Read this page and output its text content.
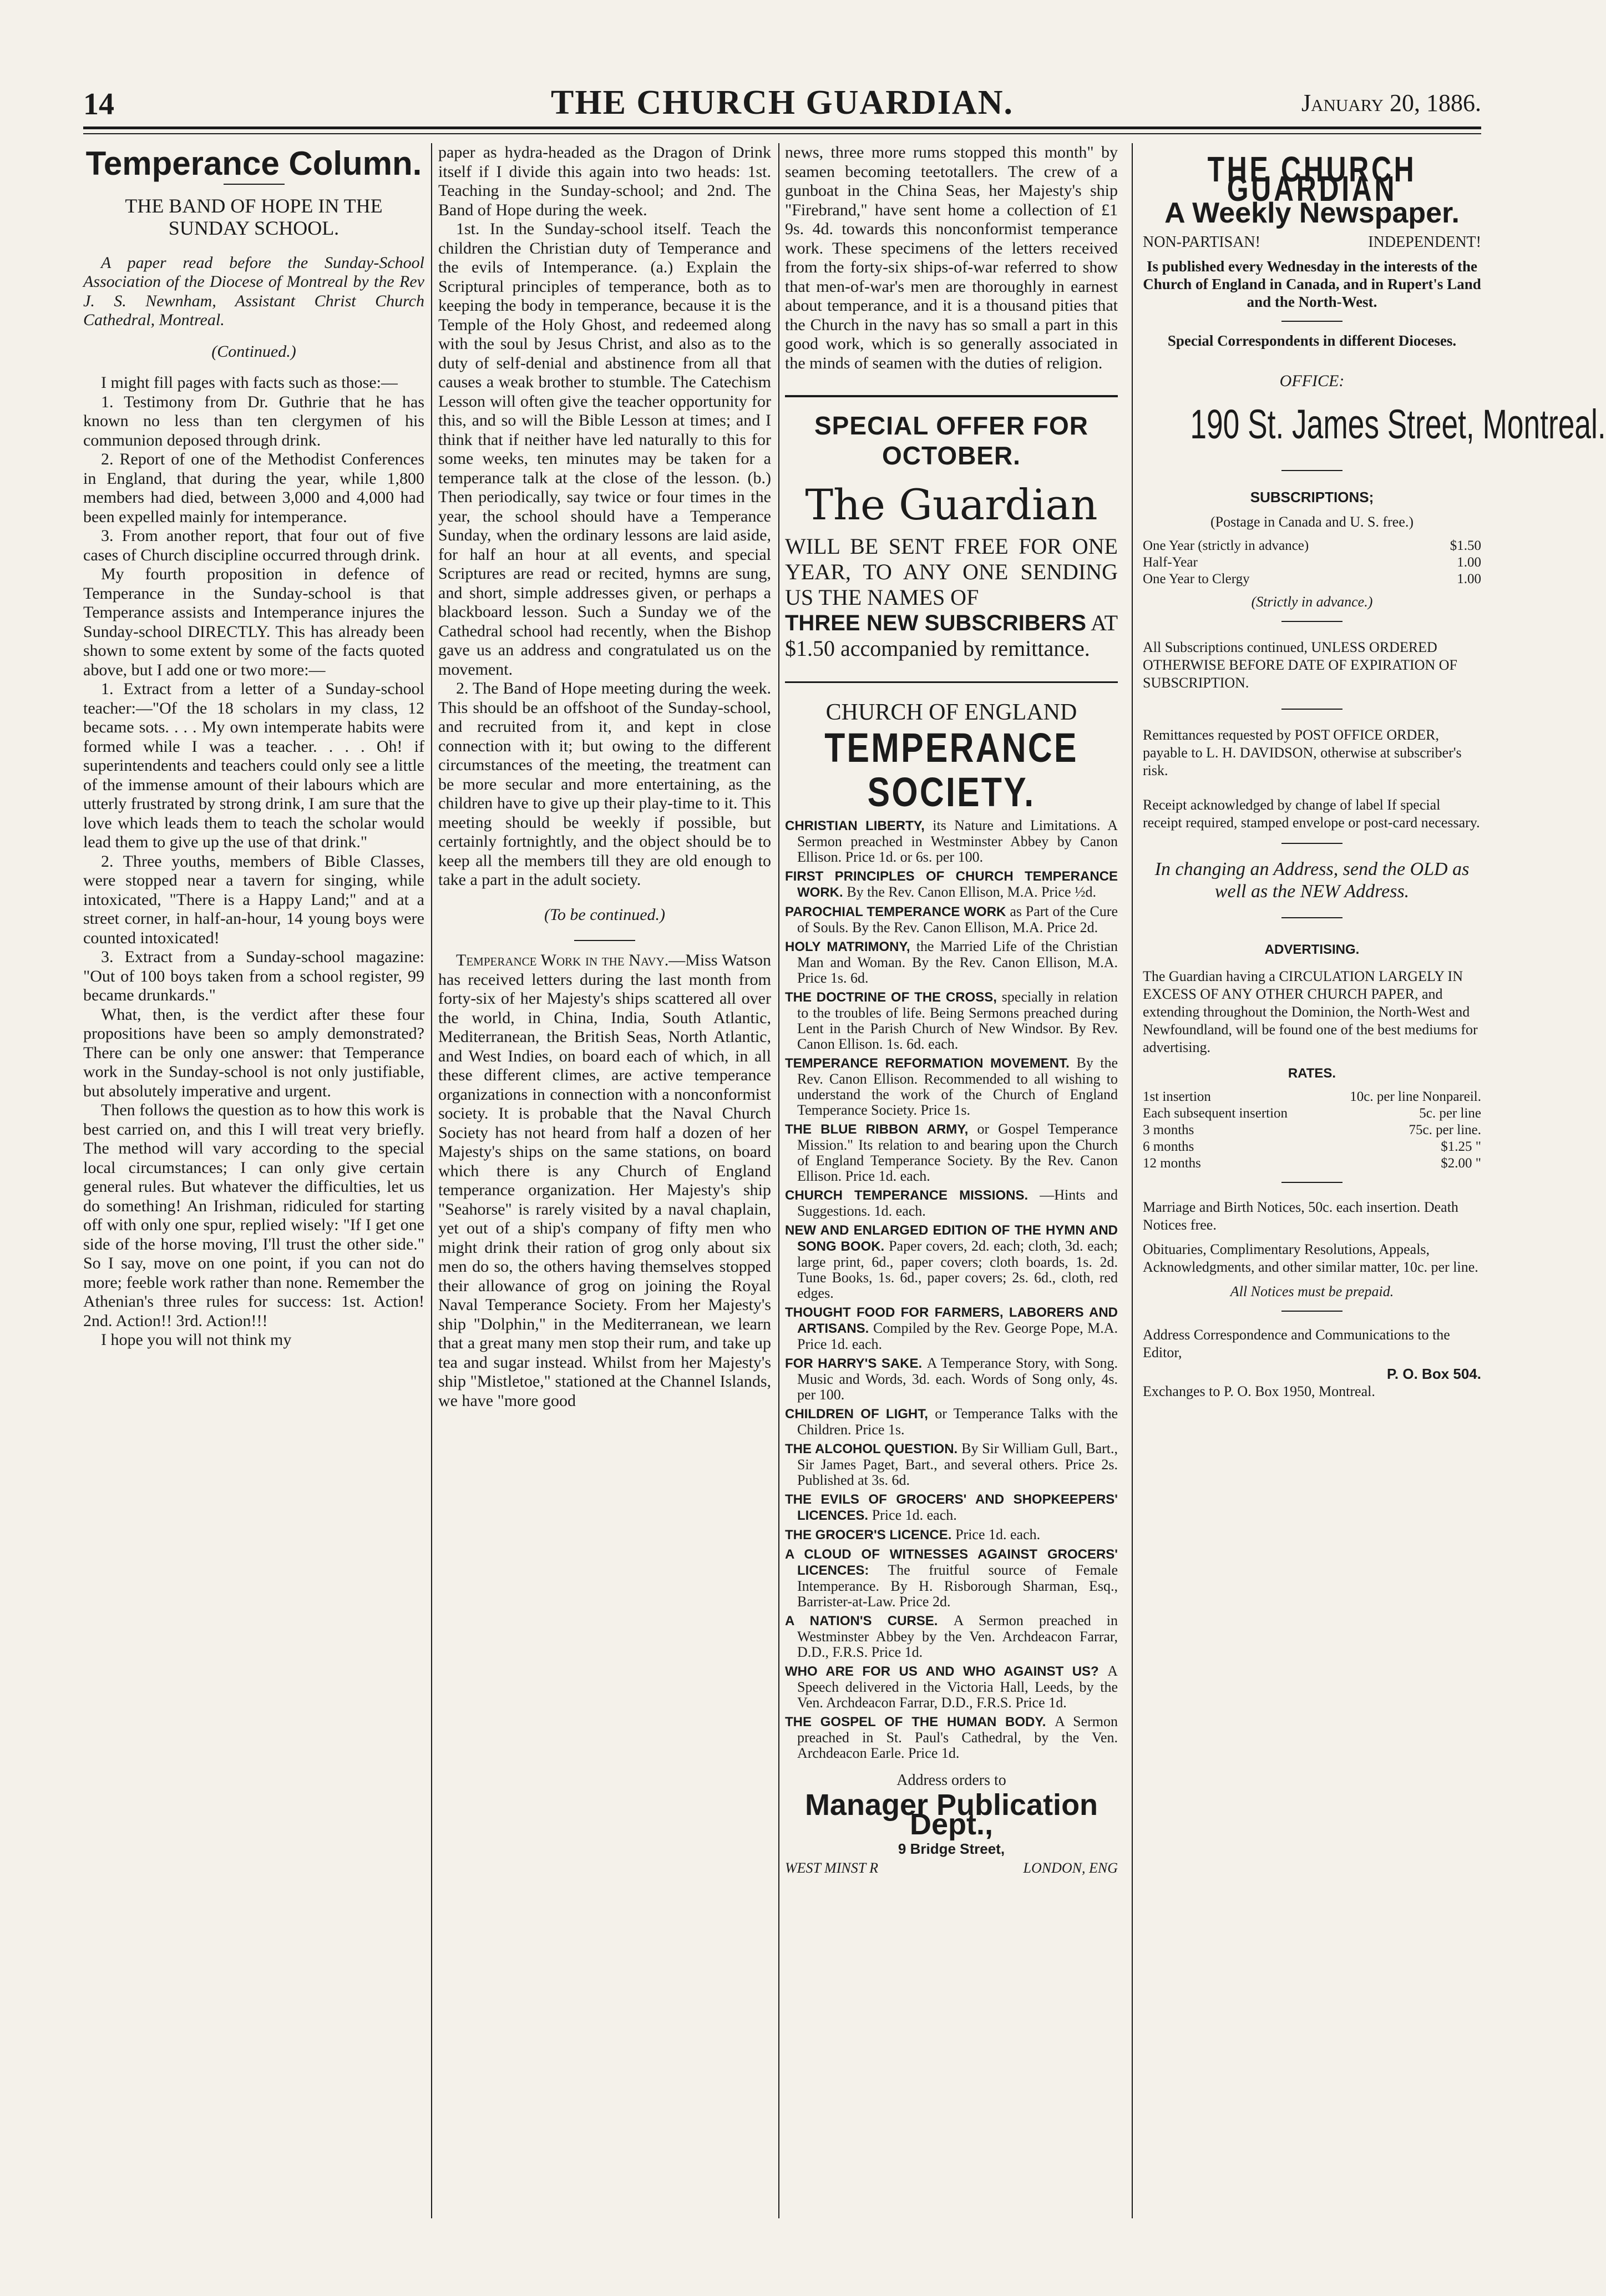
14	THE CHURCH GUARDIAN.	January 20, 1886.
Temperance Column.
THE BAND OF HOPE IN THE SUNDAY SCHOOL.

A paper read before the Sunday-School Association of the Diocese of Montreal by the Rev J. S. Newnham, Assistant Christ Church Cathedral, Montreal.

(Continued.)

I might fill pages with facts such as those:—

1. Testimony from Dr. Guthrie that he has known no less than ten clergymen of his communion deposed through drink.

2. Report of one of the Methodist Conferences in England, that during the year, while 1,800 members had died, between 3,000 and 4,000 had been expelled mainly for intemperance.

3. From another report, that four out of five cases of Church discipline occurred through drink.

My fourth proposition in defence of Temperance in the Sunday-school is that Temperance assists and Intemperance injures the Sunday-school DIRECTLY. This has already been shown to some extent by some of the facts quoted above, but I add one or two more:—

1. Extract from a letter of a Sunday-school teacher:—"Of the 18 scholars in my class, 12 became sots. . . . My own intemperate habits were formed while I was a teacher. . . . Oh! if superintendents and teachers could only see a little of the immense amount of their labours which are utterly frustrated by strong drink, I am sure that the love which leads them to teach the scholar would lead them to give up the use of that drink."

2. Three youths, members of Bible Classes, were stopped near a tavern for singing, while intoxicated, "There is a Happy Land;" and at a street corner, in half-an-hour, 14 young boys were counted intoxicated!

3. Extract from a Sunday-school magazine: "Out of 100 boys taken from a school register, 99 became drunkards."

What, then, is the verdict after these four propositions have been so amply demonstrated? There can be only one answer: that Temperance work in the Sunday-school is not only justifiable, but absolutely imperative and urgent.

Then follows the question as to how this work is best carried on, and this I will treat very briefly. The method will vary according to the special local circumstances; I can only give certain general rules. But whatever the difficulties, let us do something! An Irishman, ridiculed for starting off with only one spur, replied wisely: "If I get one side of the horse moving, I'll trust the other side." So I say, move on one point, if you can not do more; feeble work rather than none. Remember the Athenian's three rules for success: 1st. Action! 2nd. Action!! 3rd. Action!!!

I hope you will not think my

paper as hydra-headed as the Dragon of Drink itself if I divide this again into two heads: 1st. Teaching in the Sunday-school; and 2nd. The Band of Hope during the week.

1st. In the Sunday-school itself. Teach the children the Christian duty of Temperance and the evils of Intemperance. (a.) Explain the Scriptural principles of temperance, both as to keeping the body in temperance, because it is the Temple of the Holy Ghost, and redeemed along with the soul by Jesus Christ, and also as to the duty of self-denial and abstinence from all that causes a weak brother to stumble. The Catechism Lesson will often give the teacher opportunity for this, and so will the Bible Lesson at times; and I think that if neither have led naturally to this for some weeks, ten minutes may be taken for a temperance talk at the close of the lesson. (b.) Then periodically, say twice or four times in the year, the school should have a Temperance Sunday, when the ordinary lessons are laid aside, for half an hour at all events, and special Scriptures are read or recited, hymns are sung, and short, simple addresses given, or perhaps a blackboard lesson. Such a Sunday we of the Cathedral school had recently, when the Bishop gave us an address and congratulated us on the movement.

2. The Band of Hope meeting during the week. This should be an offshoot of the Sunday-school, and recruited from it, and kept in close connection with it; but owing to the different circumstances of the meeting, the treatment can be more secular and more entertaining, as the children have to give up their play-time to it. This meeting should be weekly if possible, but certainly fortnightly, and the object should be to keep all the members till they are old enough to take a part in the adult society.

(To be continued.)

Temperance Work in the Navy.—Miss Watson has received letters during the last month from forty-six of her Majesty's ships scattered all over the world, in China, India, South Atlantic, Mediterranean, the British Seas, North Atlantic, and West Indies, on board each of which, in all these different climes, are active temperance organizations in connection with a nonconformist society. It is probable that the Naval Church Society has not heard from half a dozen of her Majesty's ships on the same stations, on board which there is any Church of England temperance organization. Her Majesty's ship "Seahorse" is rarely visited by a naval chaplain, yet out of a ship's company of fifty men who might drink their ration of grog only about six men do so, the others having themselves stopped their allowance of grog on joining the Royal Naval Temperance Society. From her Majesty's ship "Dolphin," in the Mediterranean, we learn that a great many men stop their rum, and take up tea and sugar instead. Whilst from her Majesty's ship "Mistletoe," stationed at the Channel Islands, we have "more good

news, three more rums stopped this month" by seamen becoming teetotallers. The crew of a gunboat in the China Seas, her Majesty's ship "Firebrand," have sent home a collection of £1 9s. 4d. towards this nonconformist temperance work. These specimens of the letters received from the forty-six ships-of-war referred to show that men-of-war's men are thoroughly in earnest about temperance, and it is a thousand pities that the Church in the navy has so small a part in this good work, which is so generally associated in the minds of seamen with the duties of religion.

SPECIAL OFFER FOR OCTOBER.
The Guardian

WILL BE SENT FREE FOR ONE YEAR, TO ANY ONE SENDING US THE NAMES OF

THREE NEW SUBSCRIBERS AT $1.50 accompanied by remittance.

CHURCH OF ENGLAND
TEMPERANCE SOCIETY.
CHRISTIAN LIBERTY, its Nature and Limitations. A Sermon preached in Westminster Abbey by Canon Ellison. Price 1d. or 6s. per 100.
FIRST PRINCIPLES OF CHURCH TEMPERANCE WORK. By the Rev. Canon Ellison, M.A. Price ½d.
PAROCHIAL TEMPERANCE WORK as Part of the Cure of Souls. By the Rev. Canon Ellison, M.A. Price 2d.
HOLY MATRIMONY, the Married Life of the Christian Man and Woman. By the Rev. Canon Ellison, M.A. Price 1s. 6d.
THE DOCTRINE OF THE CROSS, specially in relation to the troubles of life. Being Sermons preached during Lent in the Parish Church of New Windsor. By Rev. Canon Ellison. 1s. 6d. each.
TEMPERANCE REFORMATION MOVEMENT. By the Rev. Canon Ellison. Recommended to all wishing to understand the work of the Church of England Temperance Society. Price 1s.
THE BLUE RIBBON ARMY, or Gospel Temperance Mission." Its relation to and bearing upon the Church of England Temperance Society. By the Rev. Canon Ellison. Price 1d. each.
CHURCH TEMPERANCE MISSIONS. —Hints and Suggestions. 1d. each.
NEW AND ENLARGED EDITION OF THE HYMN AND SONG BOOK. Paper covers, 2d. each; cloth, 3d. each; large print, 6d., paper covers; cloth boards, 1s. 2d. Tune Books, 1s. 6d., paper covers; 2s. 6d., cloth, red edges.
THOUGHT FOOD FOR FARMERS, LABORERS AND ARTISANS. Compiled by the Rev. George Pope, M.A. Price 1d. each.
FOR HARRY'S SAKE. A Temperance Story, with Song. Music and Words, 3d. each. Words of Song only, 4s. per 100.
CHILDREN OF LIGHT, or Temperance Talks with the Children. Price 1s.
THE ALCOHOL QUESTION. By Sir William Gull, Bart., Sir James Paget, Bart., and several others. Price 2s. Published at 3s. 6d.
THE EVILS OF GROCERS' AND SHOPKEEPERS' LICENCES. Price 1d. each.
THE GROCER'S LICENCE. Price 1d. each.
A CLOUD OF WITNESSES AGAINST GROCERS' LICENCES: The fruitful source of Female Intemperance. By H. Risborough Sharman, Esq., Barrister-at-Law. Price 2d.
A NATION'S CURSE. A Sermon preached in Westminster Abbey by the Ven. Archdeacon Farrar, D.D., F.R.S. Price 1d.
WHO ARE FOR US AND WHO AGAINST US? A Speech delivered in the Victoria Hall, Leeds, by the Ven. Archdeacon Farrar, D.D., F.R.S. Price 1d.
THE GOSPEL OF THE HUMAN BODY. A Sermon preached in St. Paul's Cathedral, by the Ven. Archdeacon Earle. Price 1d.

Address orders to

Manager Publication Dept.,

9 Bridge Street,

WEST MINST R	LONDON, ENG
THE CHURCH GUARDIAN
A Weekly Newspaper.
NON-PARTISAN!	INDEPENDENT!
Is published every Wednesday in the interests of the Church of England in Canada, and in Rupert's Land and the North-West.
Special Correspondents in different Dioceses.
OFFICE:
190 St. James Street, Montreal.

SUBSCRIPTIONS;

(Postage in Canada and U. S. free.)

One Year (strictly in advance)	$1.50
Half-Year	1.00
One Year to Clergy	1.00

(Strictly in advance.)

All Subscriptions continued, UNLESS ORDERED OTHERWISE BEFORE DATE OF EXPIRATION OF SUBSCRIPTION.

Remittances requested by POST OFFICE ORDER, payable to L. H. DAVIDSON, otherwise at subscriber's risk.

Receipt acknowledged by change of label If special receipt required, stamped envelope or post-card necessary.

In changing an Address, send the OLD as well as the NEW Address.

ADVERTISING.

The Guardian having a CIRCULATION LARGELY IN EXCESS OF ANY OTHER CHURCH PAPER, and extending throughout the Dominion, the North-West and Newfoundland, will be found one of the best mediums for advertising.

RATES.

1st insertion	10c. per line Nonpareil.
Each subsequent insertion	5c. per line
3 months	75c. per line.
6 months	$1.25 "
12 months	$2.00 "

Marriage and Birth Notices, 50c. each insertion. Death Notices free.

Obituaries, Complimentary Resolutions, Appeals, Acknowledgments, and other similar matter, 10c. per line.

All Notices must be prepaid.

Address Correspondence and Communications to the Editor,

P. O. Box 504.

Exchanges to P. O. Box 1950, Montreal.
